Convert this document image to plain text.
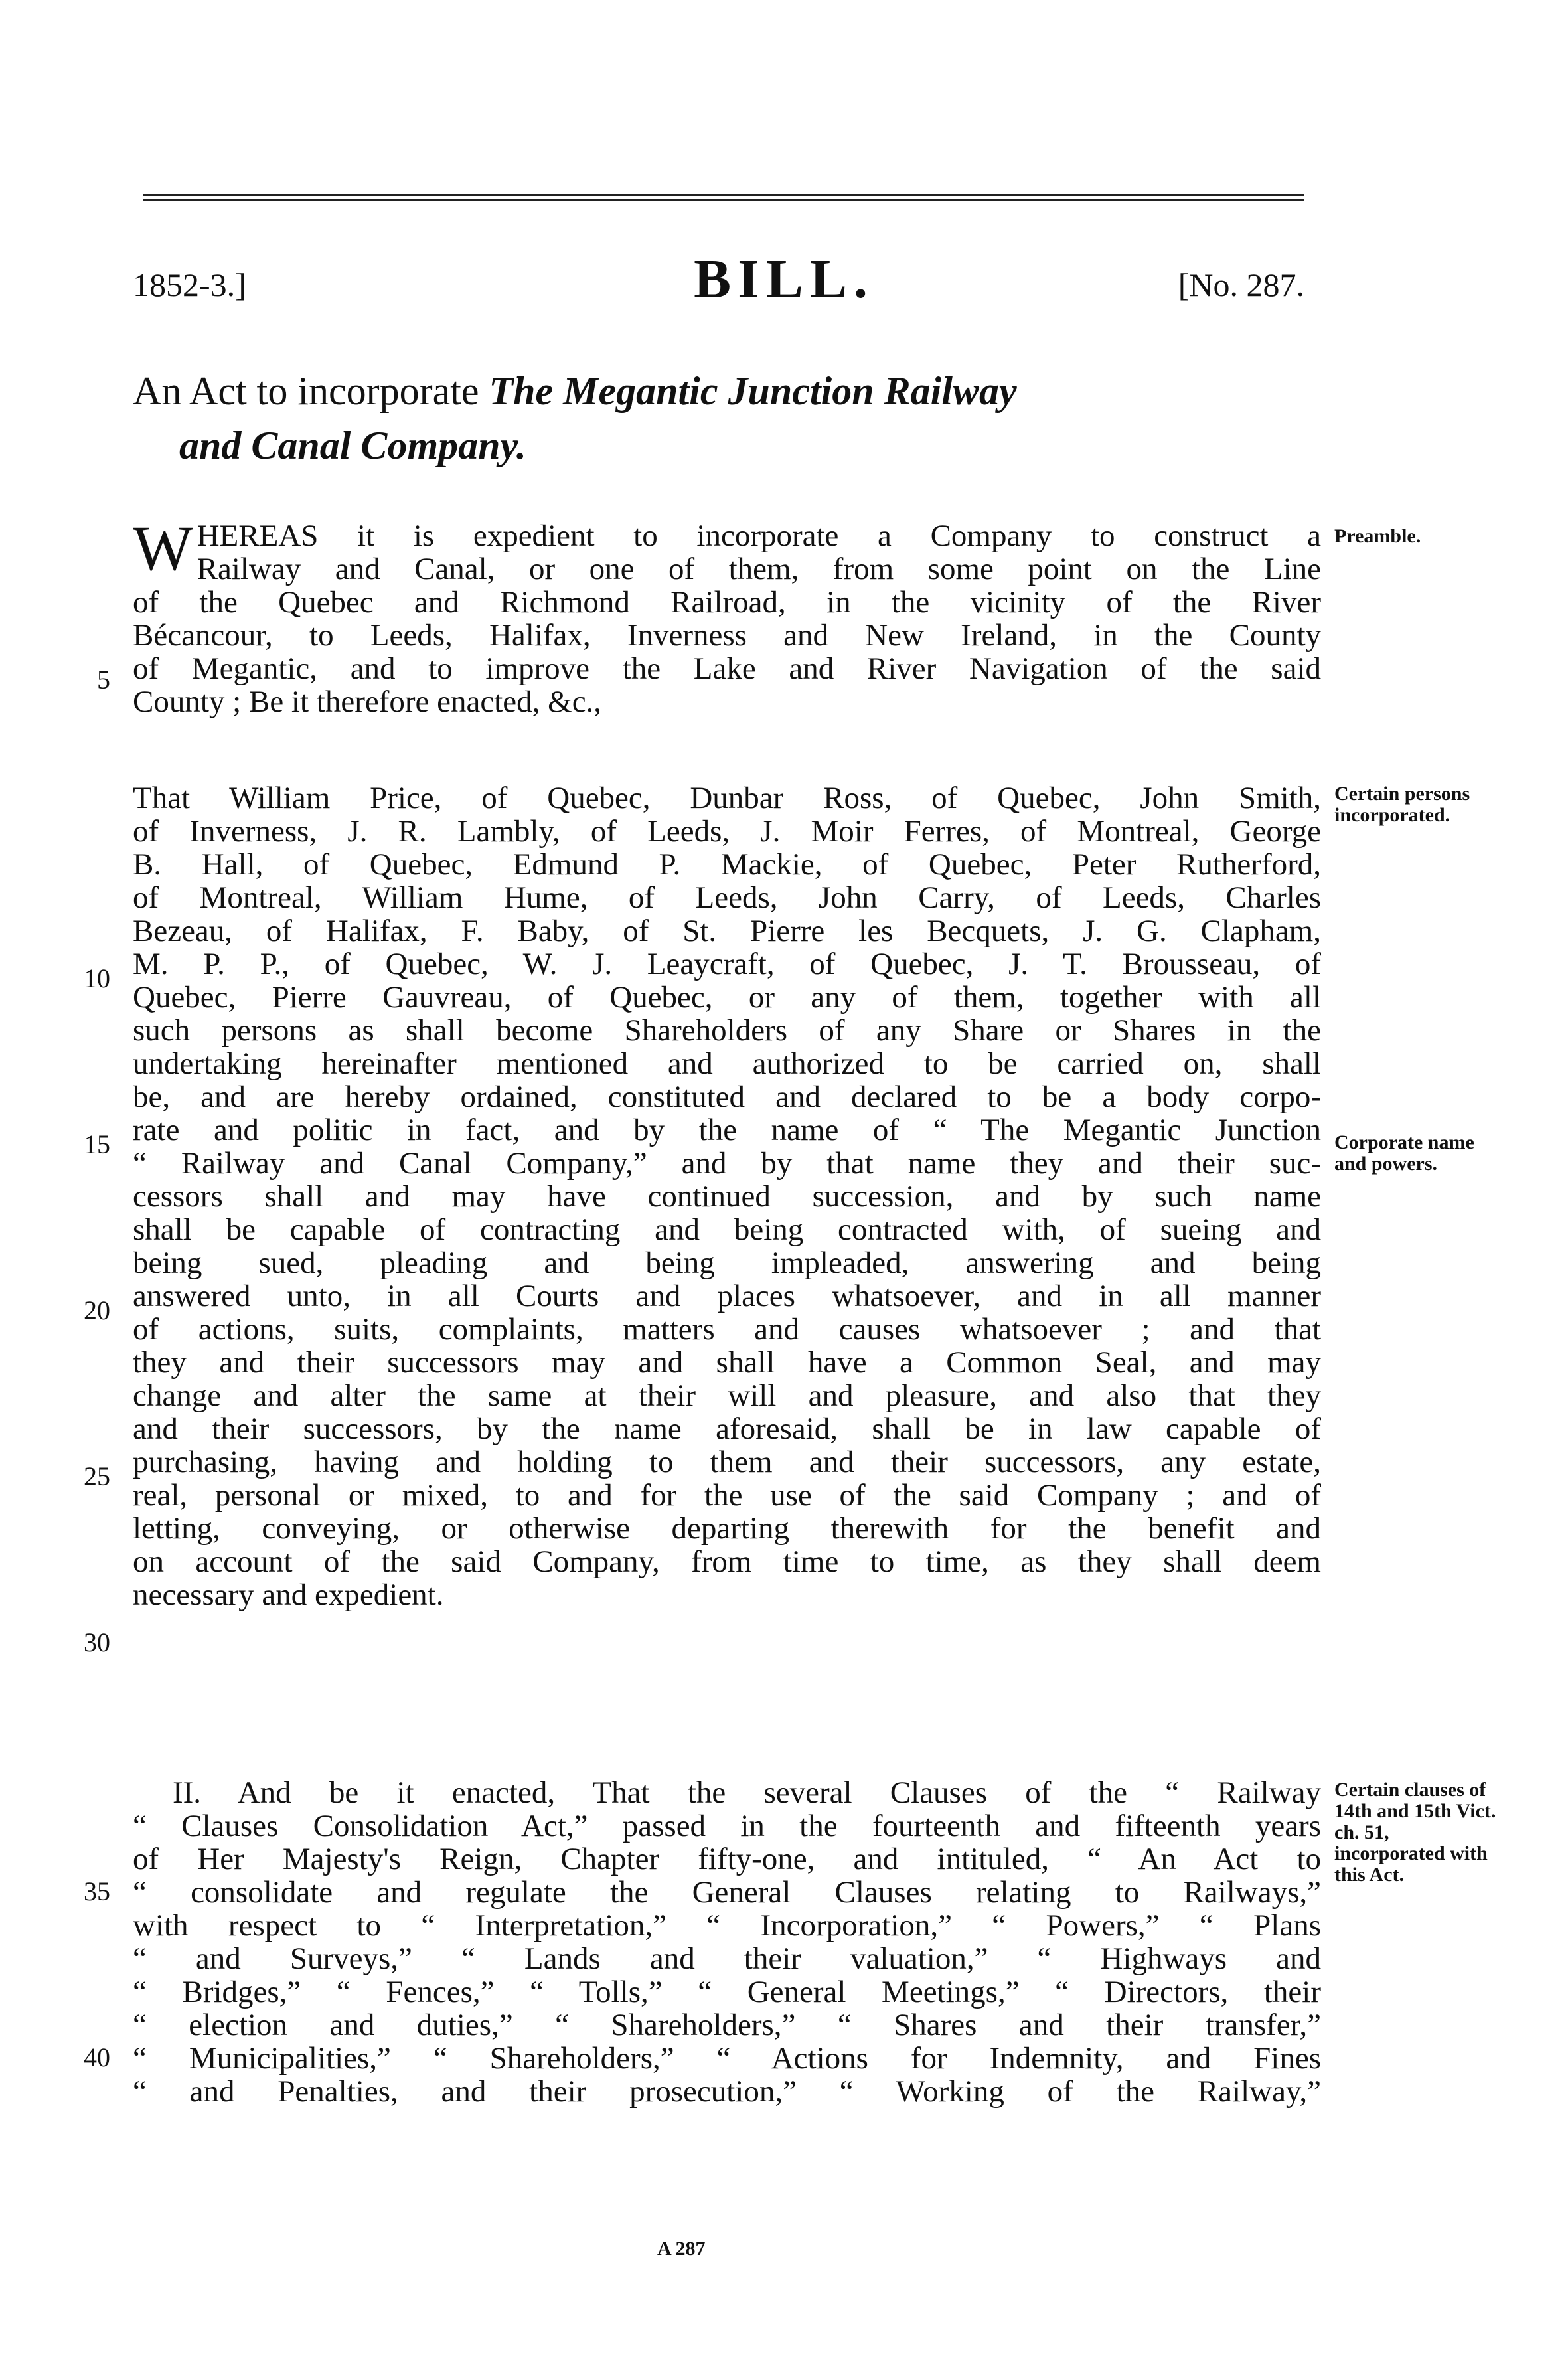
1852-3.]	BILL.	[No. 287.
An Act to incorporate The Megantic Junction Railway
and Canal Company.
W HEREAS it is expedient to incorporate a Company to construct a
Railway and Canal, or one of them, from some point on the Line
of the Quebec and Richmond Railroad, in the vicinity of the River
Bécancour, to Leeds, Halifax, Inverness and New Ireland, in the County
of Megantic, and to improve the Lake and River Navigation of the said
County ; Be it therefore enacted, &c.,
Preamble.
That William Price, of Quebec, Dunbar Ross, of Quebec, John Smith,
of Inverness, J. R. Lambly, of Leeds, J. Moir Ferres, of Montreal, George
B. Hall, of Quebec, Edmund P. Mackie, of Quebec, Peter Rutherford,
of Montreal, William Hume, of Leeds, John Carry, of Leeds, Charles
Bezeau, of Halifax, F. Baby, of St. Pierre les Becquets, J. G. Clapham,
M. P. P., of Quebec, W. J. Leaycraft, of Quebec, J. T. Brousseau, of
Quebec, Pierre Gauvreau, of Quebec, or any of them, together with all
such persons as shall become Shareholders of any Share or Shares in the
undertaking hereinafter mentioned and authorized to be carried on, shall
be, and are hereby ordained, constituted and declared to be a body corpo-
rate and politic in fact, and by the name of “ The Megantic Junction
“ Railway and Canal Company,” and by that name they and their suc-
cessors shall and may have continued succession, and by such name
shall be capable of contracting and being contracted with, of sueing and
being sued, pleading and being impleaded, answering and being
answered unto, in all Courts and places whatsoever, and in all manner
of actions, suits, complaints, matters and causes whatsoever ; and that
they and their successors may and shall have a Common Seal, and may
change and alter the same at their will and pleasure, and also that they
and their successors, by the name aforesaid, shall be in law capable of
purchasing, having and holding to them and their successors, any estate,
real, personal or mixed, to and for the use of the said Company ; and of
letting, conveying, or otherwise departing therewith for the benefit and
on account of the said Company, from time to time, as they shall deem
necessary and expedient.
Certain persons incorporated.
Corporate name and powers.
II. And be it enacted, That the several Clauses of the “ Railway
“ Clauses Consolidation Act,” passed in the fourteenth and fifteenth years
of Her Majesty's Reign, Chapter fifty-one, and intituled, “ An Act to
“ consolidate and regulate the General Clauses relating to Railways,”
with respect to “ Interpretation,” “ Incorporation,” “ Powers,” “ Plans
“ and Surveys,” “ Lands and their valuation,” “ Highways and
“ Bridges,” “ Fences,” “ Tolls,” “ General Meetings,” “ Directors, their
“ election and duties,” “ Shareholders,” “ Shares and their transfer,”
“ Municipalities,” “ Shareholders,” “ Actions for Indemnity, and Fines
“ and Penalties, and their prosecution,” “ Working of the Railway,”
Certain clauses of 14th and 15th Vict. ch. 51, incorporated with this Act.
5
10
15
20
25
30
35
40
A 287
